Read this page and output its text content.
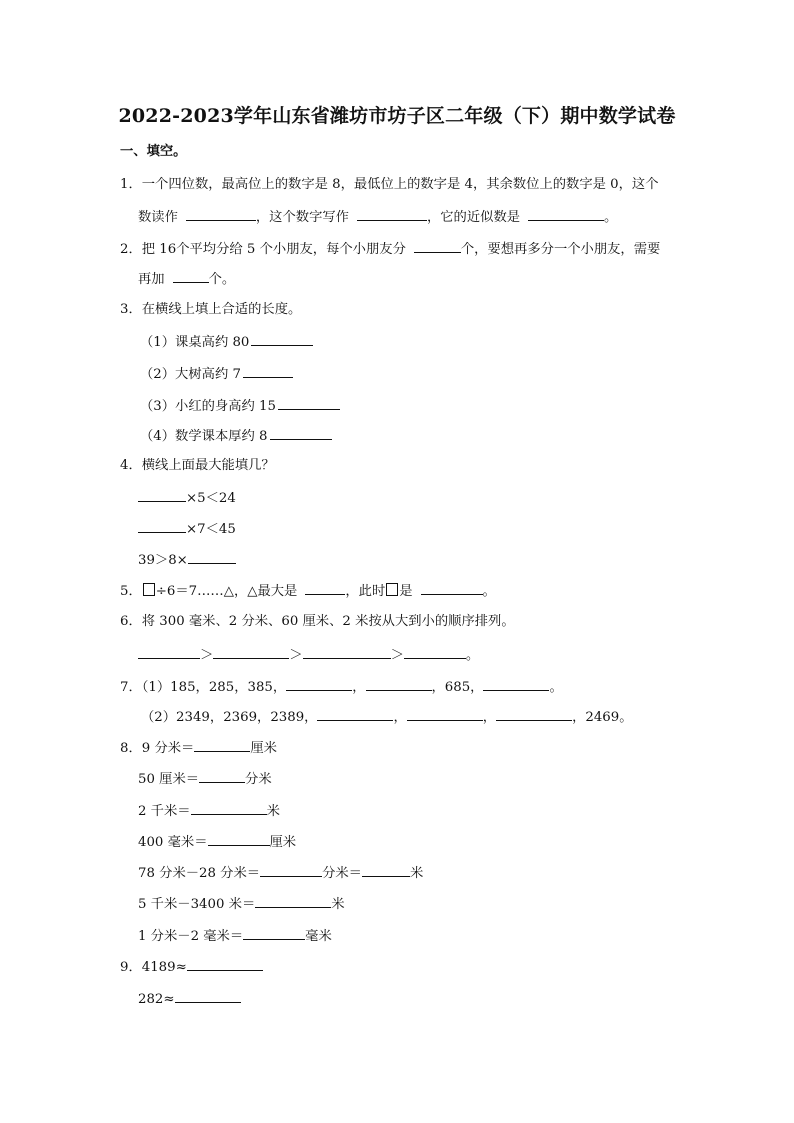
2022-2023学年山东省潍坊市坊子区二年级（下）期中数学试卷
一、填空。
1．一个四位数，最高位上的数字是 8，最低位上的数字是 4，其余数位上的数字是 0，这个
数读作	，这个数字写作	，它的近似数是	。
2．把 16个平均分给 5 个小朋友，每个小朋友分	个，要想再多分一个小朋友，需要
再加	个。
3．在横线上填上合适的长度。
（1）课桌高约 80
（2）大树高约 7
（3）小红的身高约 15
（4）数学课本厚约 8
4．横线上面最大能填几？
×5＜24
×7＜45
39＞8×
5． ÷6＝7……△，△最大是	，此时 是	。
6．将 300 毫米、2 分米、60 厘米、2 米按从大到小的顺序排列。
＞	＞	＞	。
7．（1）185，285，385，	，	，685，	。
（2）2349，2369，2389，	，	，	，2469。
8．9 分米＝	厘米
50 厘米＝	分米
2 千米＝	米
400 毫米＝	厘米
78 分米－28 分米＝	分米＝	米
5 千米－3400 米＝	米
1 分米－2 毫米＝	毫米
9．4189≈
282≈
